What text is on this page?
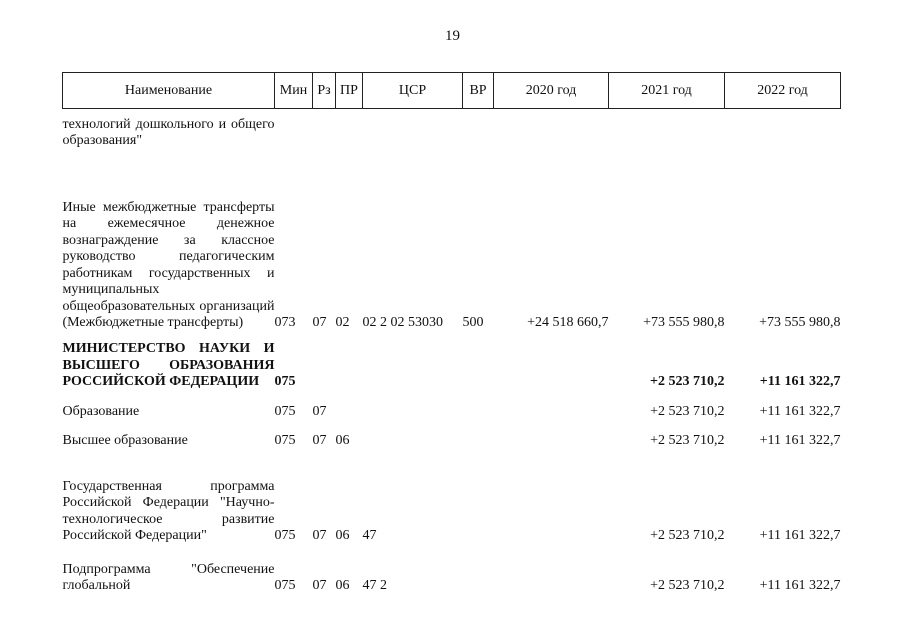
19
Наименование	Мин	Рз	ПР	ЦСР	ВР	2020 год	2021 год	2022 год
технологий дошкольного и общего образования"								
Иные межбюджетные трансферты на ежемесячное денежное вознаграждение за классное руководство педагогическим работникам государственных и муниципальных общеобразовательных организаций (Межбюджетные трансферты)	073	07	02	02 2 02 53030	500	+24 518 660,7	+73 555 980,8	+73 555 980,8
МИНИСТЕРСТВО НАУКИ И ВЫСШЕГО ОБРАЗОВАНИЯ РОССИЙСКОЙ ФЕДЕРАЦИИ	075						+2 523 710,2	+11 161 322,7
Образование	075	07					+2 523 710,2	+11 161 322,7
Высшее образование	075	07	06				+2 523 710,2	+11 161 322,7
Государственная программа Российской Федерации "Научно-технологическое развитие Российской Федерации"	075	07	06	47			+2 523 710,2	+11 161 322,7
Подпрограмма "Обеспечение глобальной	075	07	06	47 2			+2 523 710,2	+11 161 322,7
